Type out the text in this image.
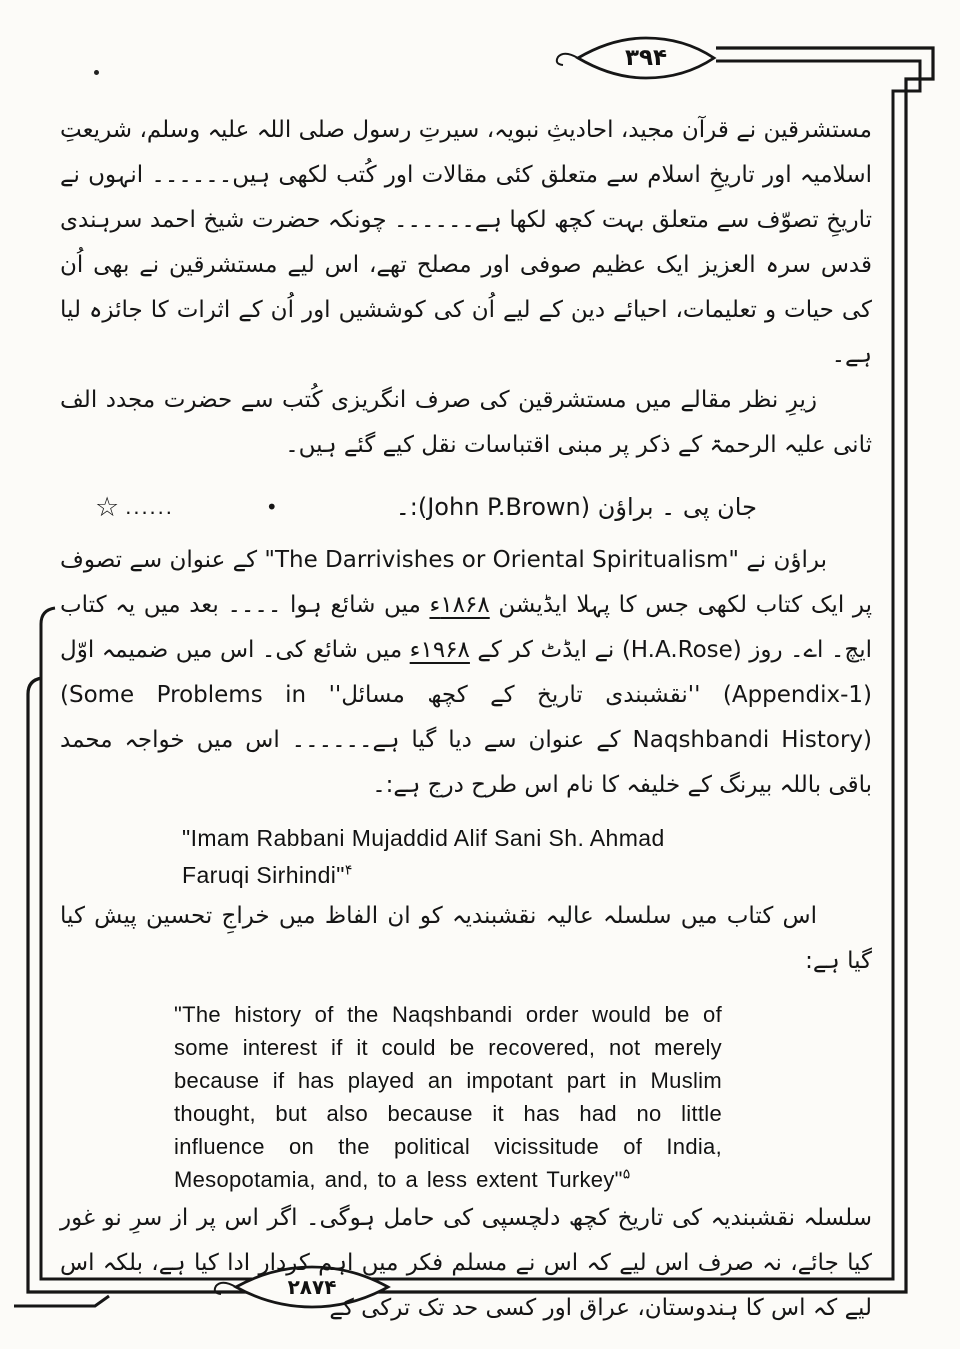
۳۹۴
۲۸۷۴

مستشرقین نے قرآن مجید، احادیثِ نبویہ، سیرتِ رسول صلی اللہ علیہ وسلم، شریعتِ اسلامیہ اور تاریخِ اسلام سے متعلق کئی مقالات اور کُتب لکھی ہیں۔۔۔۔۔۔ انہوں نے تاریخِ تصوّف سے متعلق بہت کچھ لکھا ہے۔۔۔۔۔۔ چونکہ حضرت شیخ احمد سرہندی قدس سرہ العزیز ایک عظیم صوفی اور مصلح تھے، اس لیے مستشرقین نے بھی اُن کی حیات و تعلیمات، احیائے دین کے لیے اُن کی کوششیں اور اُن کے اثرات کا جائزہ لیا ہے۔

زیرِ نظر مقالے میں مستشرقین کی صرف انگریزی کُتب سے حضرت مجدد الف ثانی علیہ الرحمۃ کے ذکر پر مبنی اقتباسات نقل کیے گئے ہیں۔

☆ ......	•	جان پی ۔ براؤن ‎(John P.Brown)‎:۔

براؤن نے ‎"The Darrivishes or Oriental Spiritualism"‎ کے عنوان سے تصوف پر ایک کتاب لکھی جس کا پہلا ایڈیشن ۱۸۶۸ء میں شائع ہوا ۔۔۔۔ بعد میں یہ کتاب ایچ۔ اے۔ روز ‎(H.A.Rose)‎ نے ایڈٹ کر کے ۱۹۶۸ء میں شائع کی۔ اس میں ضمیمہ اوّل ‎(Appendix-1)‎ ''نقشبندی تاریخ کے کچھ مسائل'' ‎(Some Problems in Naqshbandi History)‎ کے عنوان سے دیا گیا ہے۔۔۔۔۔۔ اس میں خواجہ محمد باقی باللہ بیرنگ کے خلیفہ کا نام اس طرح درج ہے:۔

"Imam Rabbani Mujaddid Alif Sani Sh. Ahmad Faruqi Sirhindi"$^۴$

اس کتاب میں سلسلہ عالیہ نقشبندیہ کو ان الفاظ میں خراجِ تحسین پیش کیا گیا ہے:

"The history of the Naqshbandi order would be of some interest if it could be recovered, not merely because if has played an impotant part in Muslim thought, but also because it has had no little influence on the political vicissitude of India, Mesopotamia, and, to a less extent Turkey"$^۵$

سلسلہ نقشبندیہ کی تاریخ کچھ دلچسپی کی حامل ہوگی۔ اگر اس پر از سرِ نو غور کیا جائے، نہ صرف اس لیے کہ اس نے مسلم فکر میں اہم کردار ادا کیا ہے، بلکہ اس لیے کہ اس کا ہندوستان، عراق اور کسی حد تک ترکی کے
